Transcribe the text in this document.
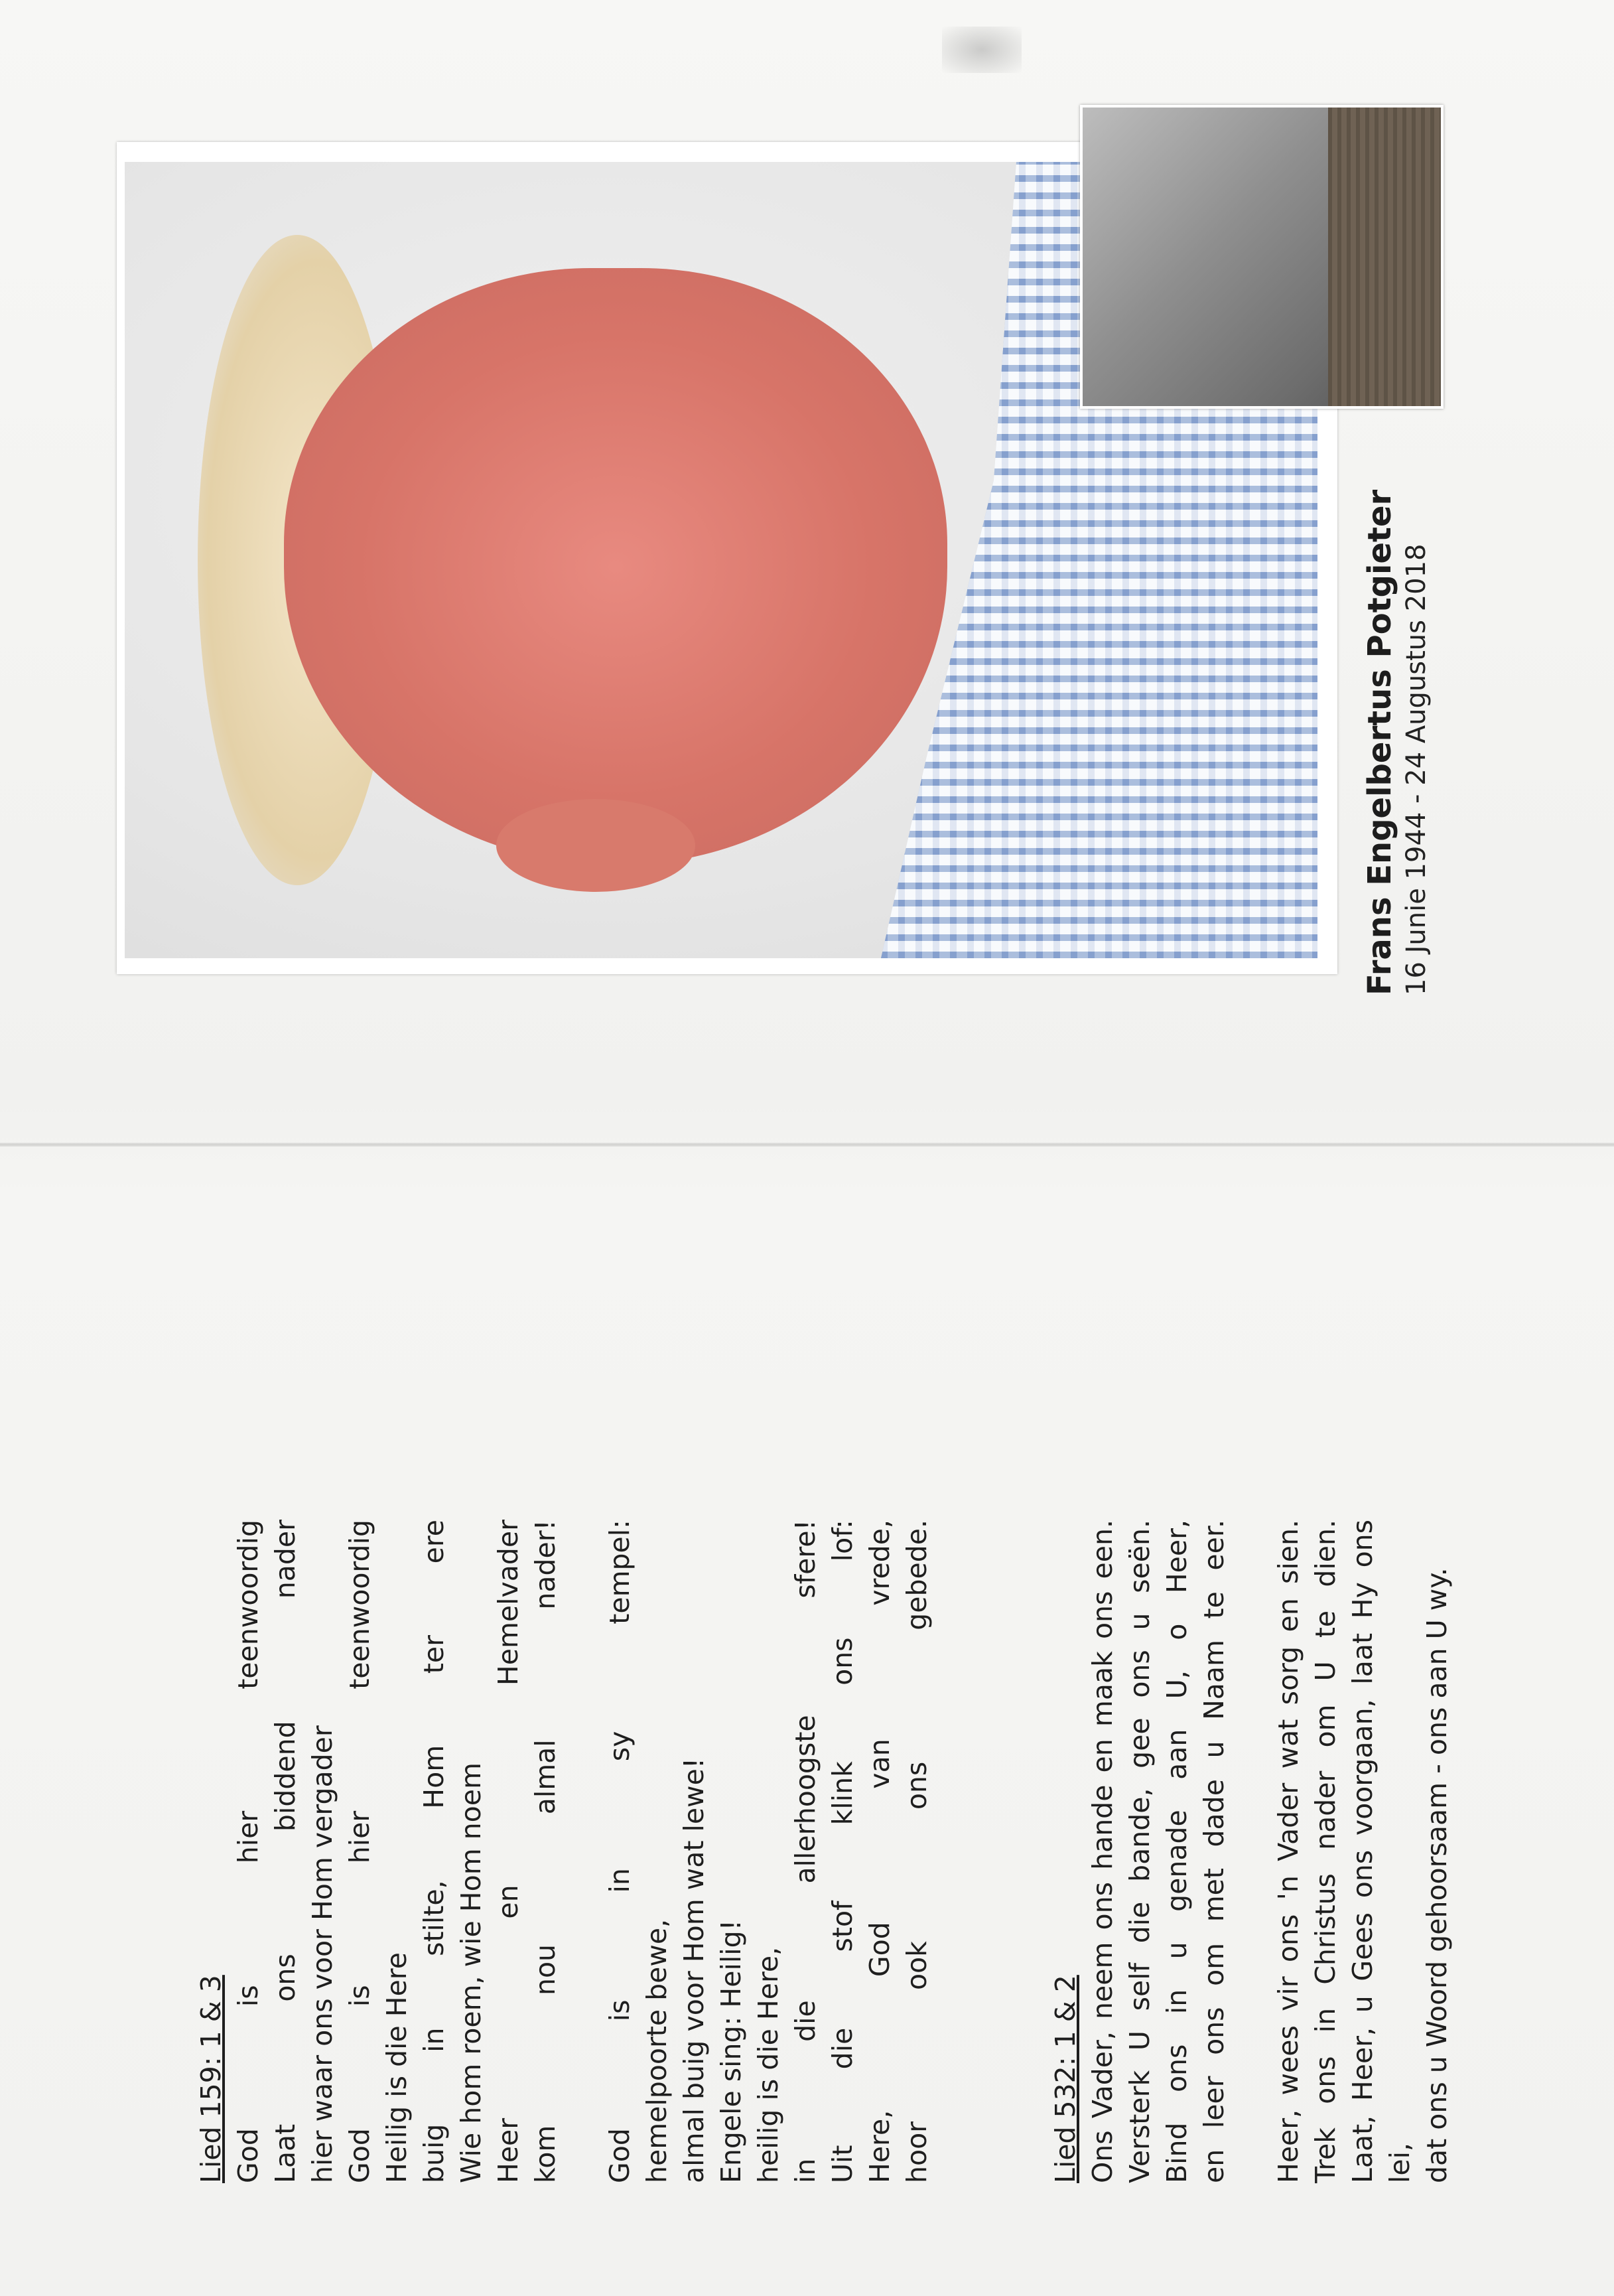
Frans Engelbertus Potgieter 16 Junie 1944 - 24 Augustus 2018
Lied 159: 1 & 3 God is hier teenwoordig Laat ons biddend nader hier waar ons voor Hom vergader God is hier teenwoordig Heilig is die Here buig in stilte, Hom ter ere Wie hom roem, wie Hom noem Heer en Hemelvader kom nou almal nader! God is in sy tempel: hemelpoorte bewe, almal buig voor Hom wat lewe! Engele sing: Heilig! heilig is die Here, in die allerhoogste sfere! Uit die stof klink ons lof: Here, God van vrede, hoor ook ons gebede.	Lied 532: 1 & 2 Ons Vader, neem ons hande en maak ons een. Versterk U self die bande, gee ons u seën. Bind ons in u genade aan U, o Heer, en leer ons om met dade u Naam te eer. Heer, wees vir ons 'n Vader wat sorg en sien. Trek ons in Christus nader om U te dien. Laat, Heer, u Gees ons voorgaan, laat Hy ons lei, dat ons u Woord gehoorsaam - ons aan U wy.
